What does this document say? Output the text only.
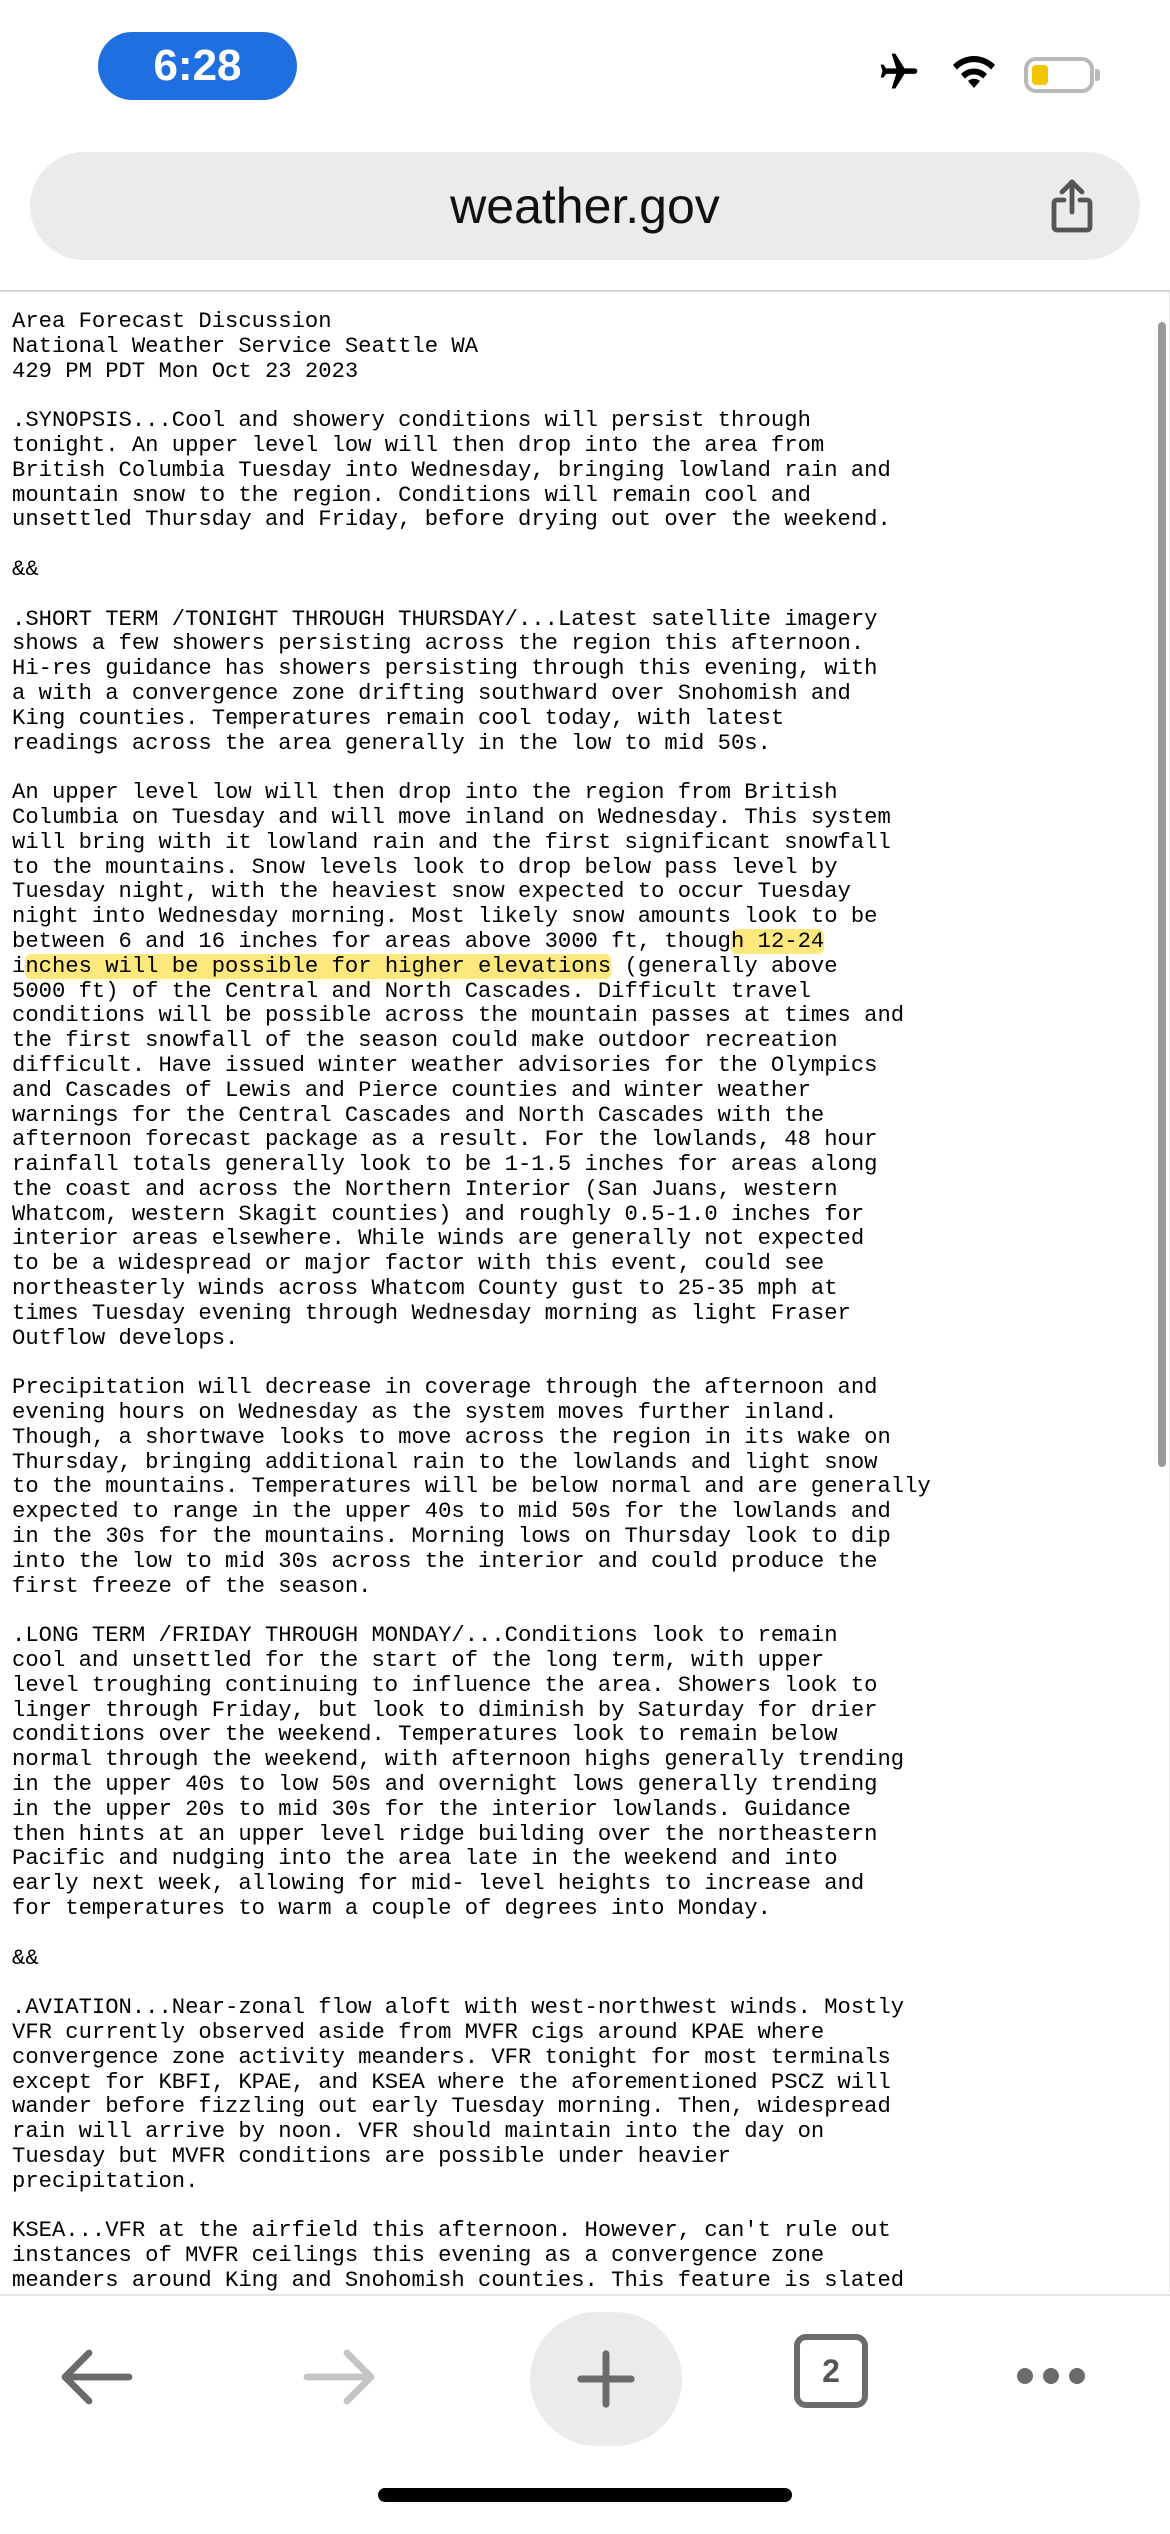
6:28
weather.gov
Area Forecast Discussion
National Weather Service Seattle WA
429 PM PDT Mon Oct 23 2023
.SYNOPSIS...Cool and showery conditions will persist through
tonight. An upper level low will then drop into the area from
British Columbia Tuesday into Wednesday, bringing lowland rain and
mountain snow to the region. Conditions will remain cool and
unsettled Thursday and Friday, before drying out over the weekend.
&&
.SHORT TERM /TONIGHT THROUGH THURSDAY/...Latest satellite imagery
shows a few showers persisting across the region this afternoon.
Hi-res guidance has showers persisting through this evening, with
a with a convergence zone drifting southward over Snohomish and
King counties. Temperatures remain cool today, with latest
readings across the area generally in the low to mid 50s.
An upper level low will then drop into the region from British
Columbia on Tuesday and will move inland on Wednesday. This system
will bring with it lowland rain and the first significant snowfall
to the mountains. Snow levels look to drop below pass level by
Tuesday night, with the heaviest snow expected to occur Tuesday
night into Wednesday morning. Most likely snow amounts look to be
between 6 and 16 inches for areas above 3000 ft, though 12-24
inches will be possible for higher elevations (generally above
5000 ft) of the Central and North Cascades. Difficult travel
conditions will be possible across the mountain passes at times and
the first snowfall of the season could make outdoor recreation
difficult. Have issued winter weather advisories for the Olympics
and Cascades of Lewis and Pierce counties and winter weather
warnings for the Central Cascades and North Cascades with the
afternoon forecast package as a result. For the lowlands, 48 hour
rainfall totals generally look to be 1-1.5 inches for areas along
the coast and across the Northern Interior (San Juans, western
Whatcom, western Skagit counties) and roughly 0.5-1.0 inches for
interior areas elsewhere. While winds are generally not expected
to be a widespread or major factor with this event, could see
northeasterly winds across Whatcom County gust to 25-35 mph at
times Tuesday evening through Wednesday morning as light Fraser
Outflow develops.
Precipitation will decrease in coverage through the afternoon and
evening hours on Wednesday as the system moves further inland.
Though, a shortwave looks to move across the region in its wake on
Thursday, bringing additional rain to the lowlands and light snow
to the mountains. Temperatures will be below normal and are generally
expected to range in the upper 40s to mid 50s for the lowlands and
in the 30s for the mountains. Morning lows on Thursday look to dip
into the low to mid 30s across the interior and could produce the
first freeze of the season.
.LONG TERM /FRIDAY THROUGH MONDAY/...Conditions look to remain
cool and unsettled for the start of the long term, with upper
level troughing continuing to influence the area. Showers look to
linger through Friday, but look to diminish by Saturday for drier
conditions over the weekend. Temperatures look to remain below
normal through the weekend, with afternoon highs generally trending
in the upper 40s to low 50s and overnight lows generally trending
in the upper 20s to mid 30s for the interior lowlands. Guidance
then hints at an upper level ridge building over the northeastern
Pacific and nudging into the area late in the weekend and into
early next week, allowing for mid- level heights to increase and
for temperatures to warm a couple of degrees into Monday.
&&
.AVIATION...Near-zonal flow aloft with west-northwest winds. Mostly
VFR currently observed aside from MVFR cigs around KPAE where
convergence zone activity meanders. VFR tonight for most terminals
except for KBFI, KPAE, and KSEA where the aforementioned PSCZ will
wander before fizzling out early Tuesday morning. Then, widespread
rain will arrive by noon. VFR should maintain into the day on
Tuesday but MVFR conditions are possible under heavier
precipitation.
KSEA...VFR at the airfield this afternoon. However, can't rule out
instances of MVFR ceilings this evening as a convergence zone
meanders around King and Snohomish counties. This feature is slated
2
